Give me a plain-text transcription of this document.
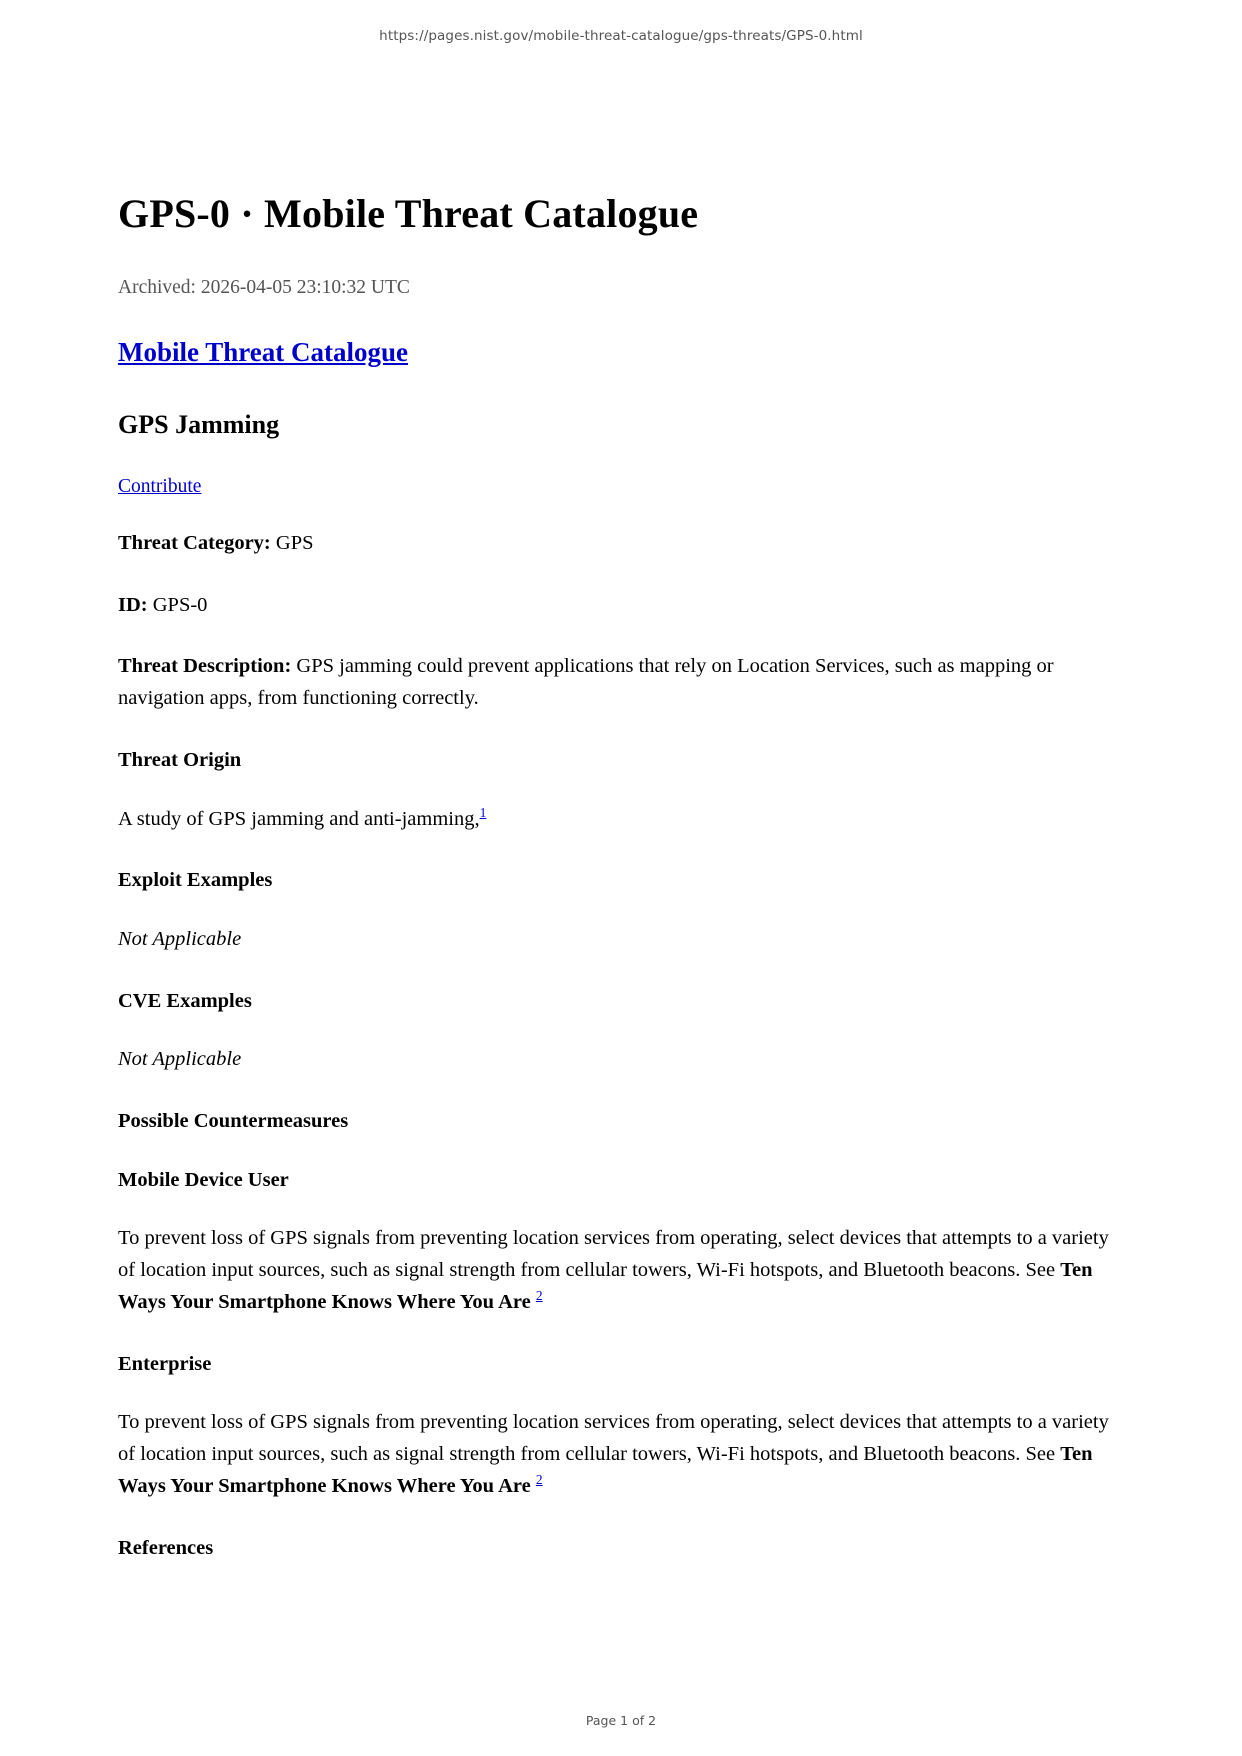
https://pages.nist.gov/mobile-threat-catalogue/gps-threats/GPS-0.html
GPS-0 · Mobile Threat Catalogue
Archived: 2026-04-05 23:10:32 UTC
Mobile Threat Catalogue
GPS Jamming
Contribute

Threat Category: GPS

ID: GPS-0

Threat Description: GPS jamming could prevent applications that rely on Location Services, such as mapping or navigation apps, from functioning correctly.

Threat Origin

A study of GPS jamming and anti-jamming,$^1$

Exploit Examples

Not Applicable

CVE Examples

Not Applicable

Possible Countermeasures
Mobile Device User

To prevent loss of GPS signals from preventing location services from operating, select devices that attempts to a variety of location input sources, such as signal strength from cellular towers, Wi-Fi hotspots, and Bluetooth beacons. See Ten Ways Your Smartphone Knows Where You Are $^2$

Enterprise

To prevent loss of GPS signals from preventing location services from operating, select devices that attempts to a variety of location input sources, such as signal strength from cellular towers, Wi-Fi hotspots, and Bluetooth beacons. See Ten Ways Your Smartphone Knows Where You Are $^2$

References
Page 1 of 2
